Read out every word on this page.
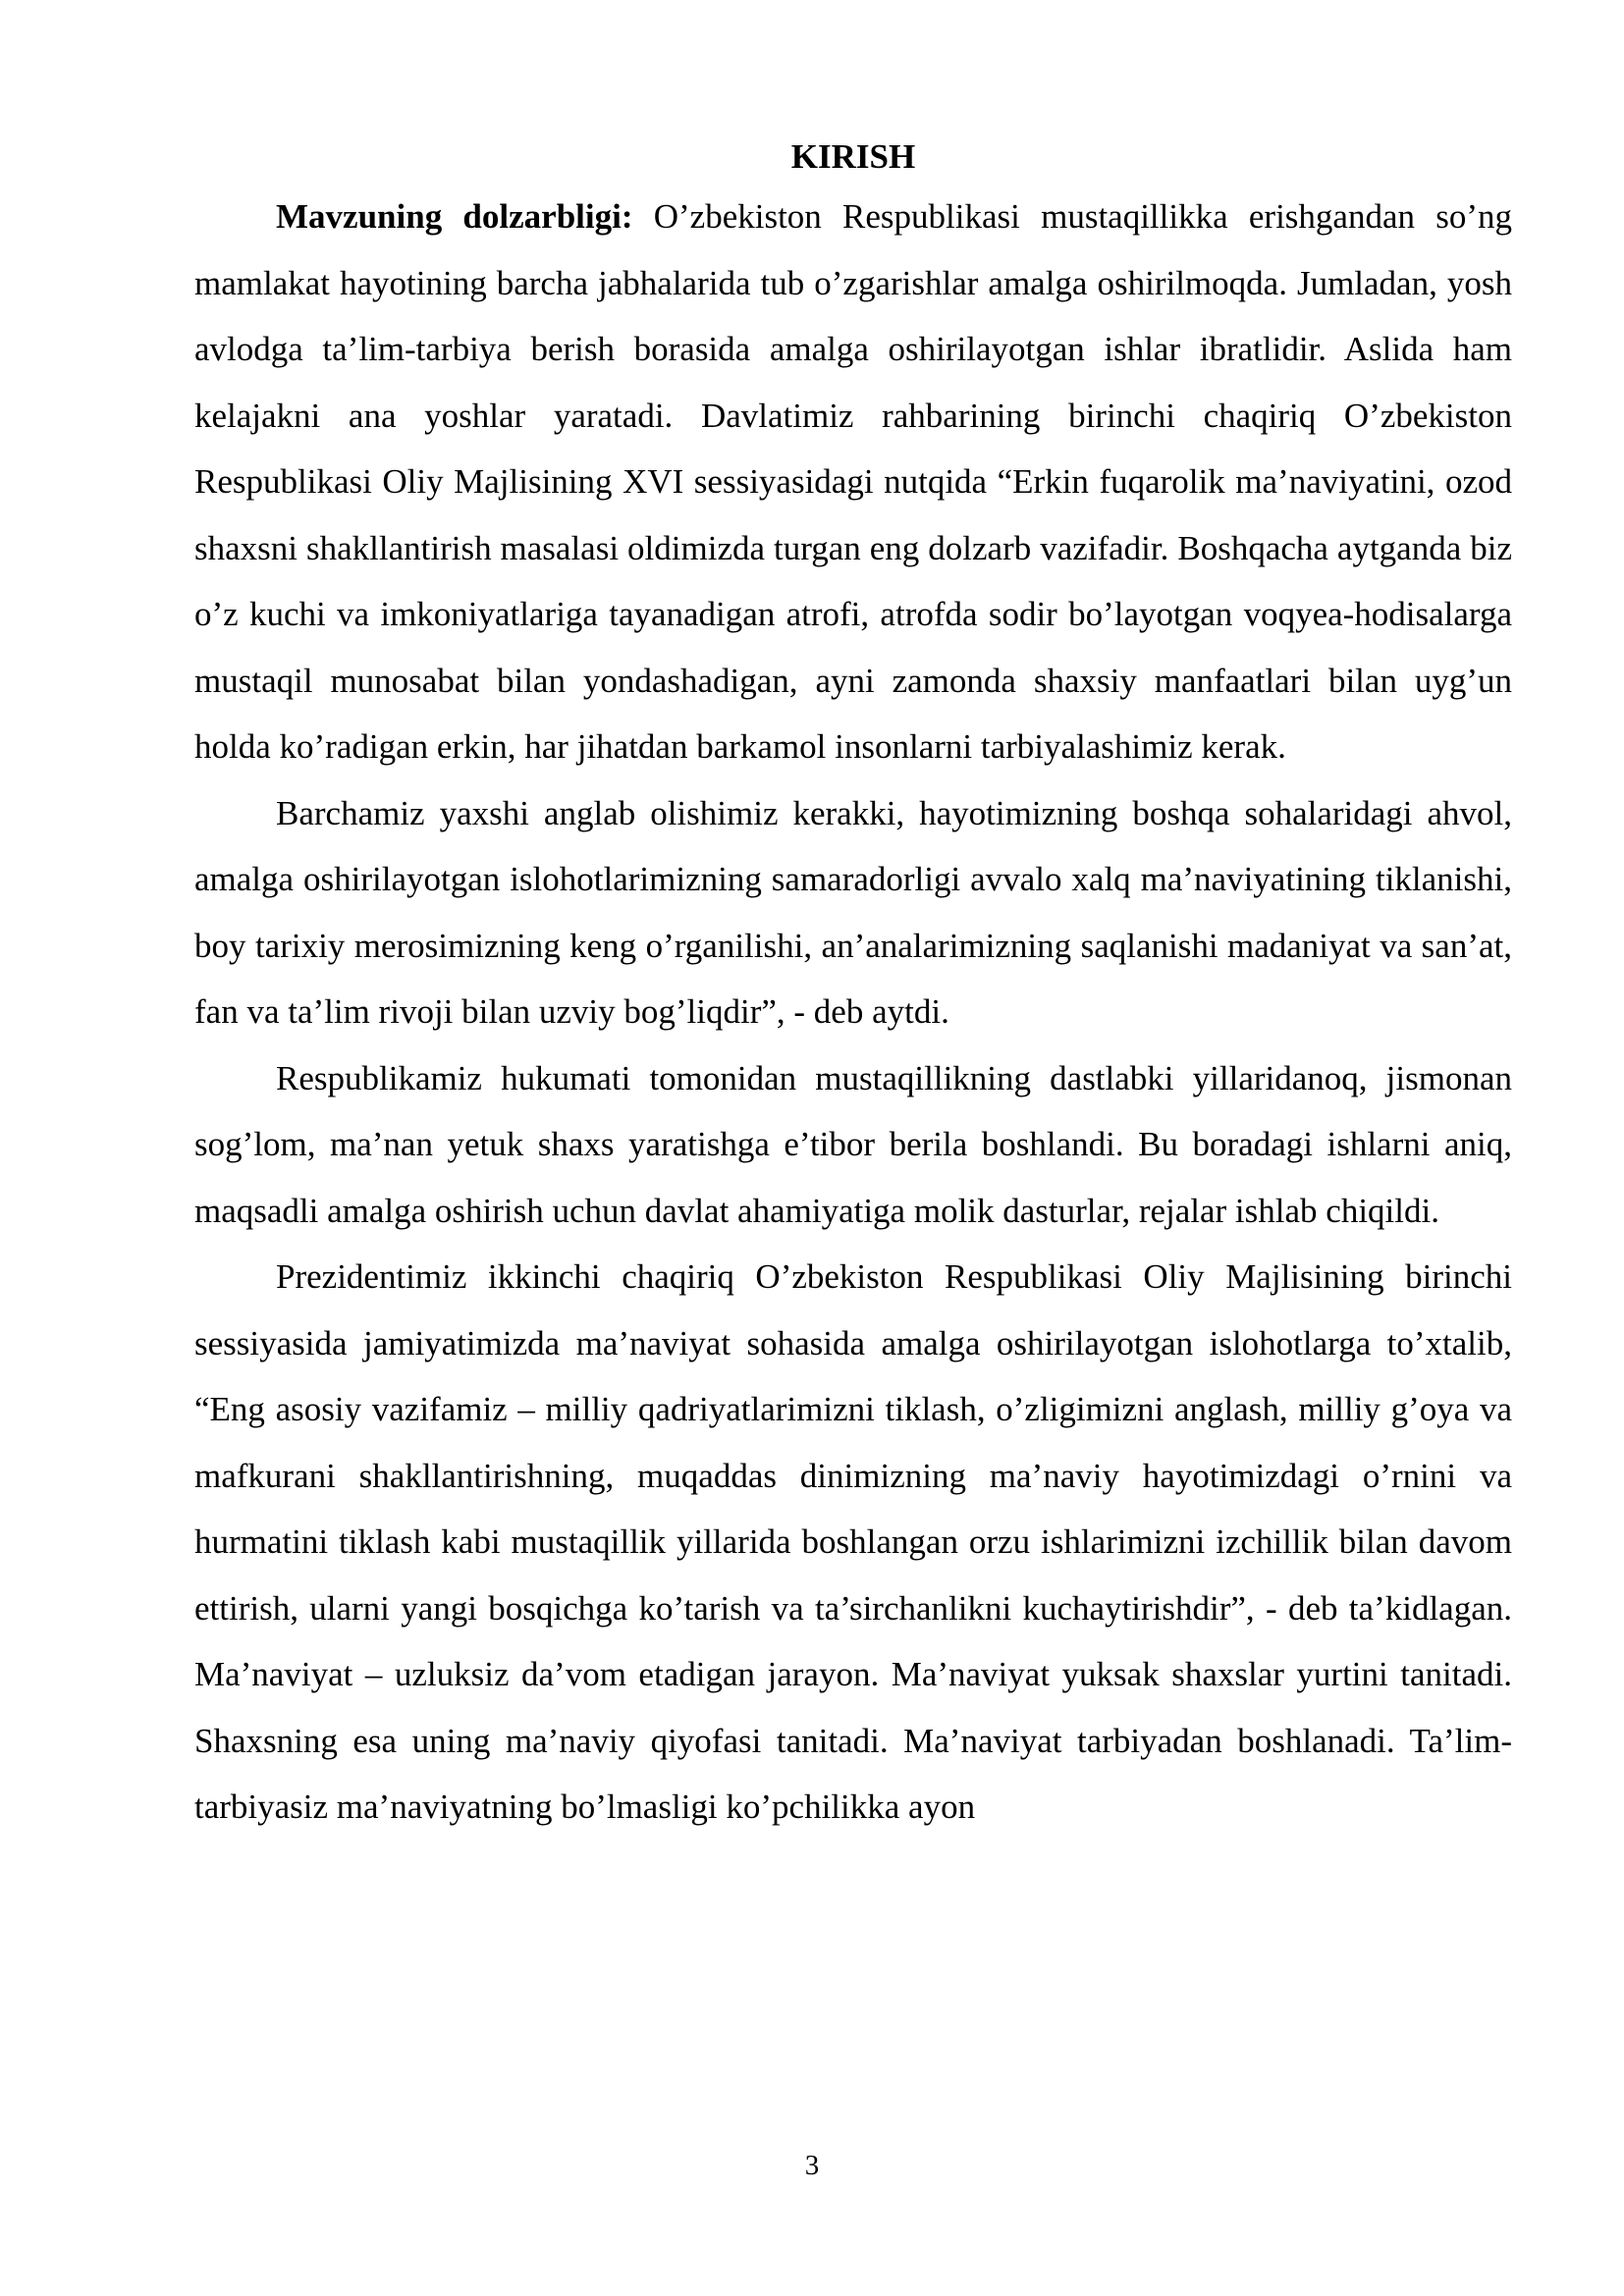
KIRISH

Mavzuning dolzarbligi: O’zbekiston Respublikasi mustaqillikka erishgandan so’ng mamlakat hayotining barcha jabhalarida tub o’zgarishlar amalga oshirilmoqda. Jumladan, yosh avlodga ta’lim-tarbiya berish borasida amalga oshirilayotgan ishlar ibratlidir. Aslida ham kelajakni ana yoshlar yaratadi. Davlatimiz rahbarining birinchi chaqiriq O’zbekiston Respublikasi Oliy Majlisining XVI sessiyasidagi nutqida “Erkin fuqarolik ma’naviyatini, ozod shaxsni shakllantirish masalasi oldimizda turgan eng dolzarb vazifadir. Boshqacha aytganda biz o’z kuchi va imkoniyatlariga tayanadigan atrofi, atrofda sodir bo’layotgan voqyea-hodisalarga mustaqil munosabat bilan yondashadigan, ayni zamonda shaxsiy manfaatlari bilan uyg’un holda ko’radigan erkin, har jihatdan barkamol insonlarni tarbiyalashimiz kerak.

Barchamiz yaxshi anglab olishimiz kerakki, hayotimizning boshqa sohalaridagi ahvol, amalga oshirilayotgan islohotlarimizning samaradorligi avvalo xalq ma’naviyatining tiklanishi, boy tarixiy merosimizning keng o’rganilishi, an’analarimizning saqlanishi madaniyat va san’at, fan va ta’lim rivoji bilan uzviy bog’liqdir”, - deb aytdi.

Respublikamiz hukumati tomonidan mustaqillikning dastlabki yillaridanoq, jismonan sog’lom, ma’nan yetuk shaxs yaratishga e’tibor berila boshlandi. Bu boradagi ishlarni aniq, maqsadli amalga oshirish uchun davlat ahamiyatiga molik dasturlar, rejalar ishlab chiqildi.

Prezidentimiz ikkinchi chaqiriq O’zbekiston Respublikasi Oliy Majlisining birinchi sessiyasida jamiyatimizda ma’naviyat sohasida amalga oshirilayotgan islohotlarga to’xtalib, “Eng asosiy vazifamiz – milliy qadriyatlarimizni tiklash, o’zligimizni anglash, milliy g’oya va mafkurani shakllantirishning, muqaddas dinimizning ma’naviy hayotimizdagi o’rnini va hurmatini tiklash kabi mustaqillik yillarida boshlangan orzu ishlarimizni izchillik bilan davom ettirish, ularni yangi bosqichga ko’tarish va ta’sirchanlikni kuchaytirishdir”, - deb ta’kidlagan. Ma’naviyat – uzluksiz da’vom etadigan jarayon. Ma’naviyat yuksak shaxslar yurtini tanitadi. Shaxsning esa uning ma’naviy qiyofasi tanitadi. Ma’naviyat tarbiyadan boshlanadi. Ta’lim-tarbiyasiz ma’naviyatning bo’lmasligi ko’pchilikka ayon

3
